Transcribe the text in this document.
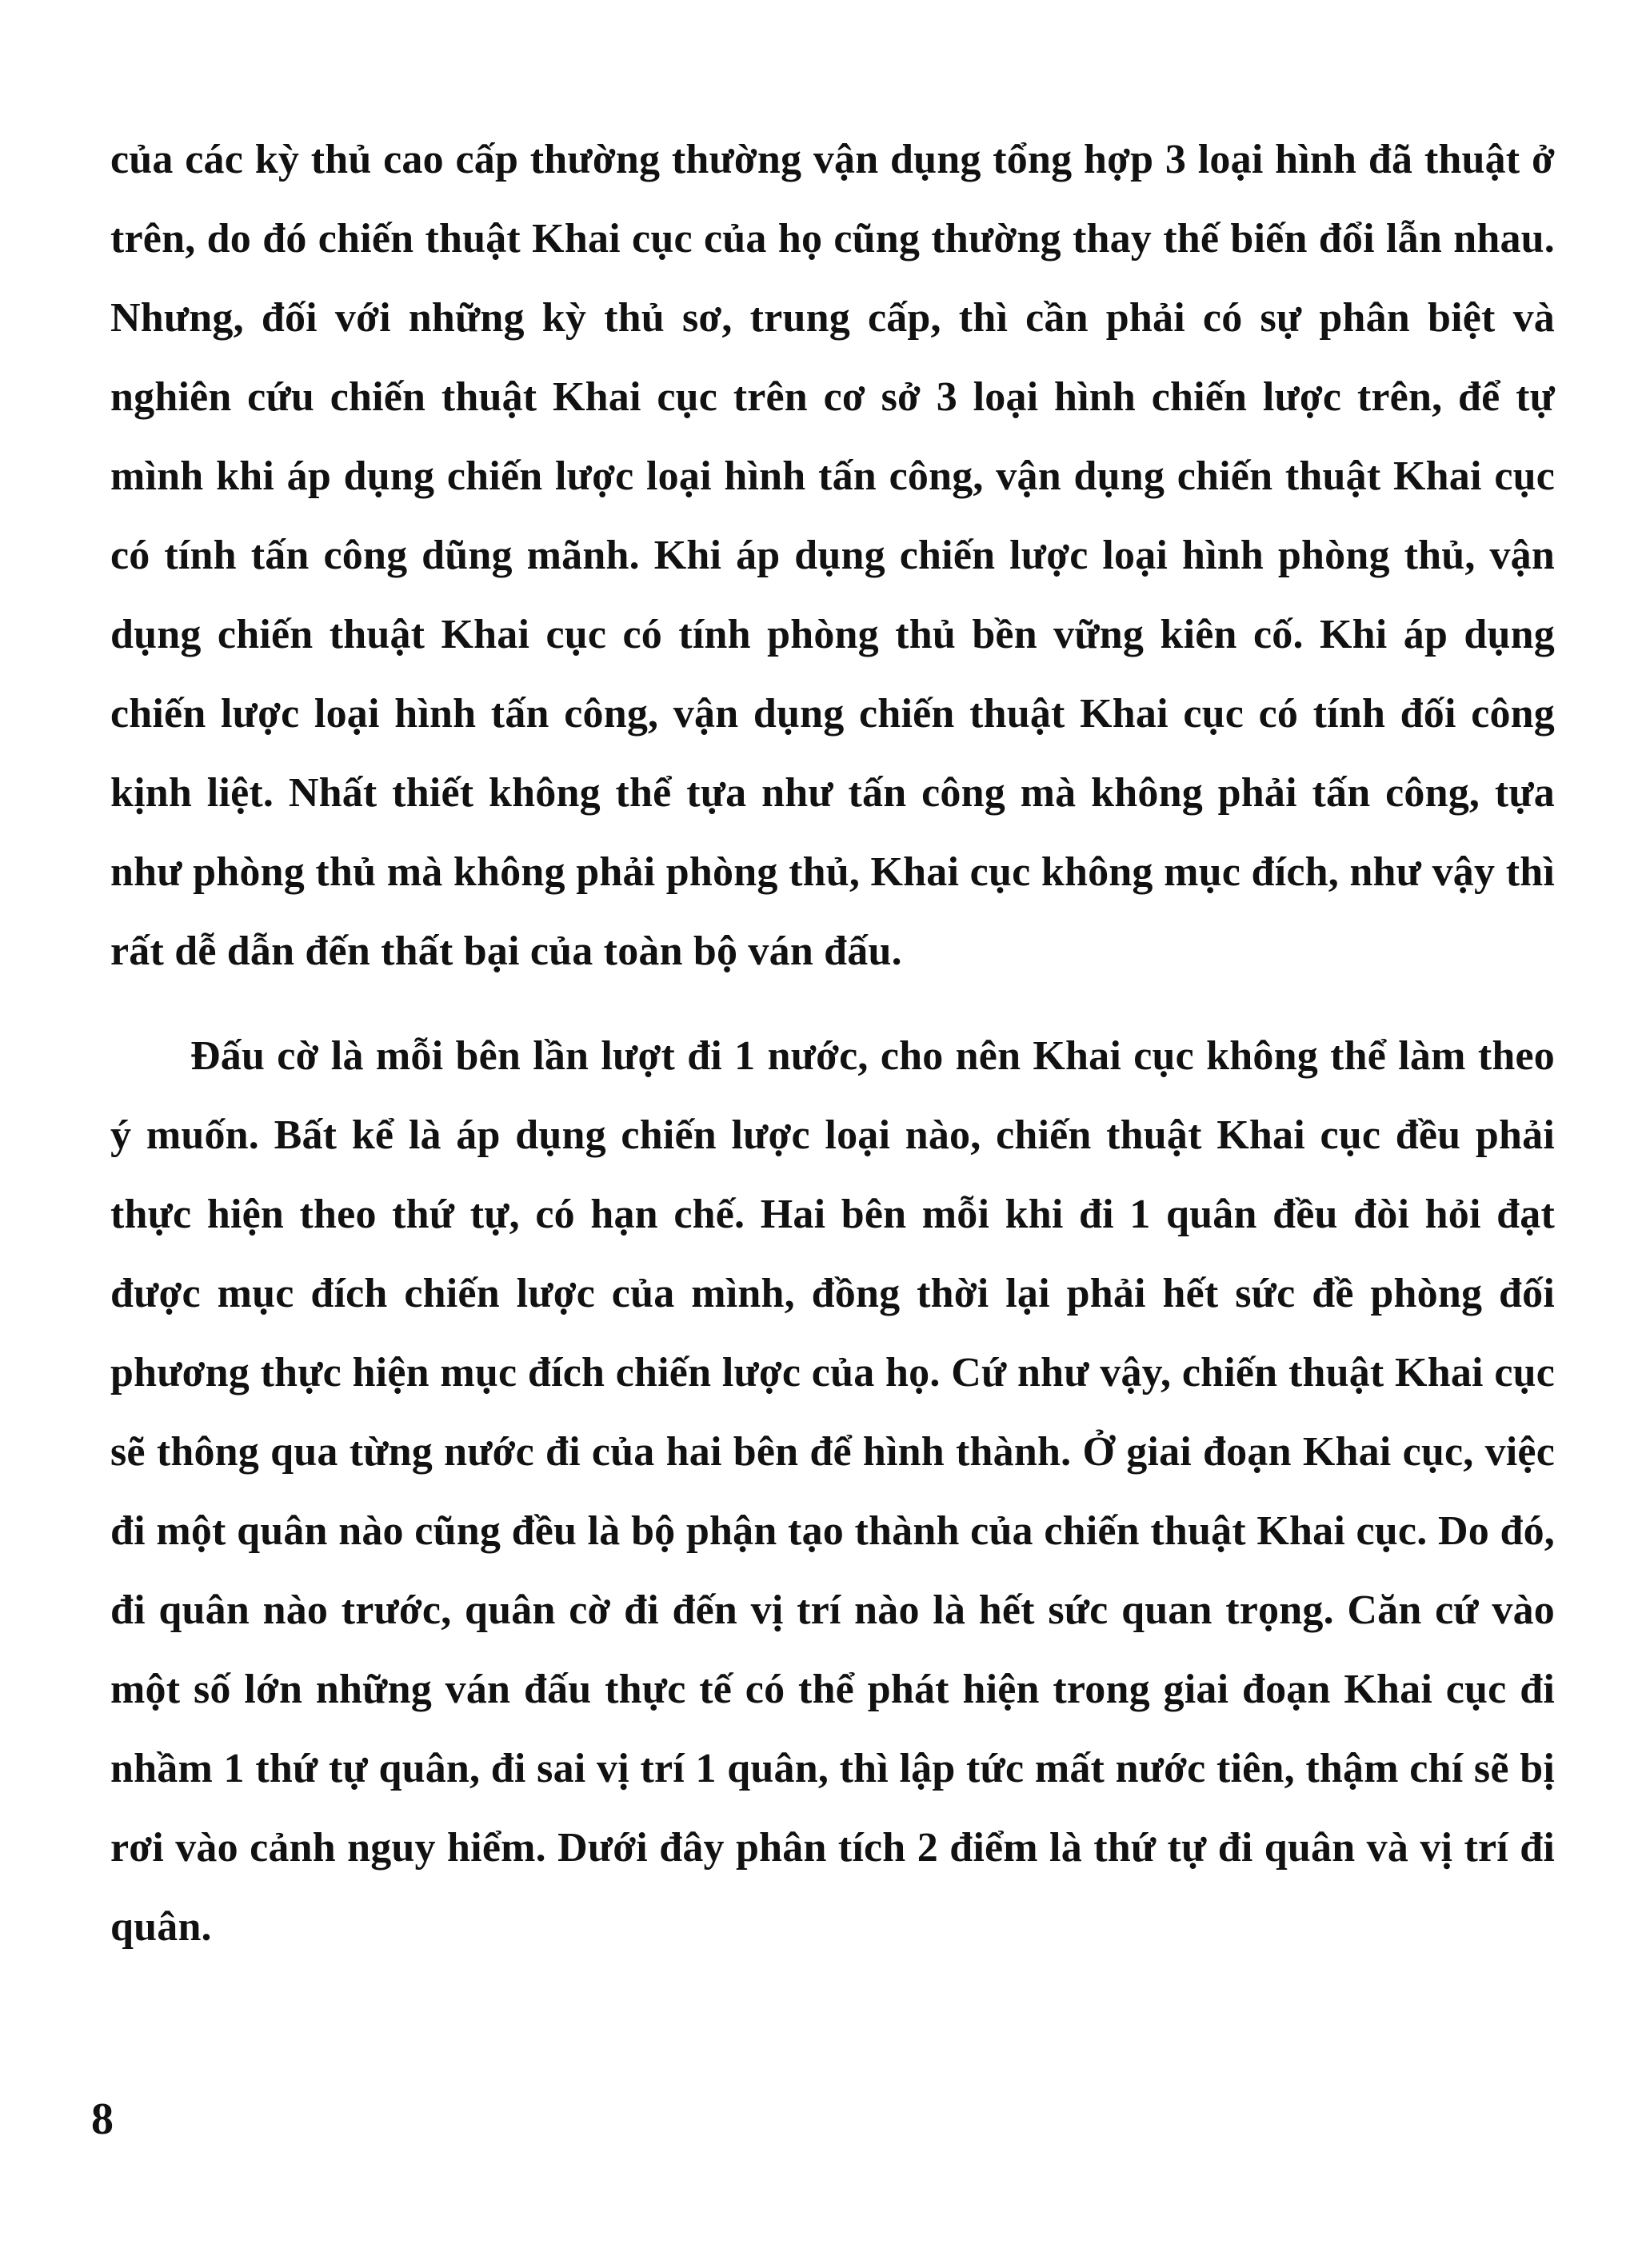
của các kỳ thủ cao cấp thường thường vận dụng tổng hợp 3 loại hình đã thuật ở trên, do đó chiến thuật Khai cục của họ cũng thường thay thế biến đổi lẫn nhau. Nhưng, đối với những kỳ thủ sơ, trung cấp, thì cần phải có sự phân biệt và nghiên cứu chiến thuật Khai cục trên cơ sở 3 loại hình chiến lược trên, để tự mình khi áp dụng chiến lược loại hình tấn công, vận dụng chiến thuật Khai cục có tính tấn công dũng mãnh. Khi áp dụng chiến lược loại hình phòng thủ, vận dụng chiến thuật Khai cục có tính phòng thủ bền vững kiên cố. Khi áp dụng chiến lược loại hình tấn công, vận dụng chiến thuật Khai cục có tính đối công kịnh liệt. Nhất thiết không thể tựa như tấn công mà không phải tấn công, tựa như phòng thủ mà không phải phòng thủ, Khai cục không mục đích, như vậy thì rất dễ dẫn đến thất bại của toàn bộ ván đấu.

Đấu cờ là mỗi bên lần lượt đi 1 nước, cho nên Khai cục không thể làm theo ý muốn. Bất kể là áp dụng chiến lược loại nào, chiến thuật Khai cục đều phải thực hiện theo thứ tự, có hạn chế. Hai bên mỗi khi đi 1 quân đều đòi hỏi đạt được mục đích chiến lược của mình, đồng thời lại phải hết sức đề phòng đối phương thực hiện mục đích chiến lược của họ. Cứ như vậy, chiến thuật Khai cục sẽ thông qua từng nước đi của hai bên để hình thành. Ở giai đoạn Khai cục, việc đi một quân nào cũng đều là bộ phận tạo thành của chiến thuật Khai cục. Do đó, đi quân nào trước, quân cờ đi đến vị trí nào là hết sức quan trọng. Căn cứ vào một số lớn những ván đấu thực tế có thể phát hiện trong giai đoạn Khai cục đi nhầm 1 thứ tự quân, đi sai vị trí 1 quân, thì lập tức mất nước tiên, thậm chí sẽ bị rơi vào cảnh nguy hiểm. Dưới đây phân tích 2 điểm là thứ tự đi quân và vị trí đi quân.

8
